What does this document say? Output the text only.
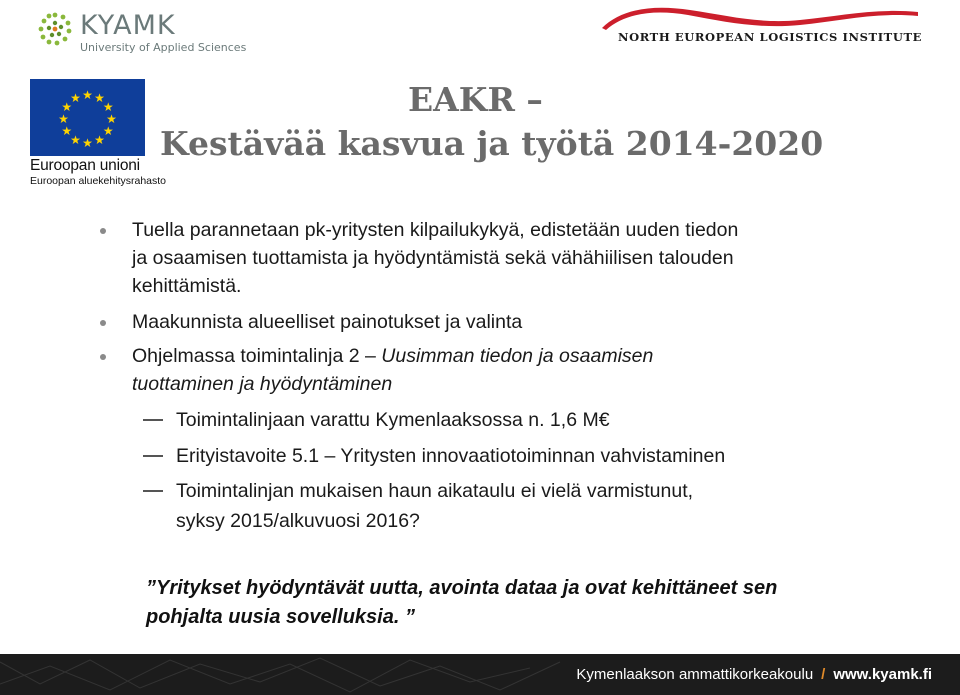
KYAMK
University of Applied Sciences
NORTH EUROPEAN LOGISTICS INSTITUTE
★ ★
★
★
★
★
★
★
★
★
★
★
Euroopan unioni
Euroopan aluekehitysrahasto
EAKR –
Kestävää kasvua ja työtä 2014-2020
Tuella parannetaan pk-yritysten kilpailukykyä, edistetään uuden tiedon
ja osaamisen tuottamista ja hyödyntämistä sekä vähähiilisen talouden
kehittämistä.
Maakunnista alueelliset painotukset ja valinta
Ohjelmassa toimintalinja 2 – Uusimman tiedon ja osaamisen
tuottaminen ja hyödyntäminen
Toimintalinjaan varattu Kymenlaaksossa n. 1,6 M€
Erityistavoite 5.1 – Yritysten innovaatiotoiminnan vahvistaminen
Toimintalinjan mukaisen haun aikataulu ei vielä varmistunut,
syksy 2015/alkuvuosi 2016?
”Yritykset hyödyntävät uutta, avointa dataa ja ovat kehittäneet sen
pohjalta uusia sovelluksia. ”
Kymenlaakson ammattikorkeakoulu / www.kyamk.fi
